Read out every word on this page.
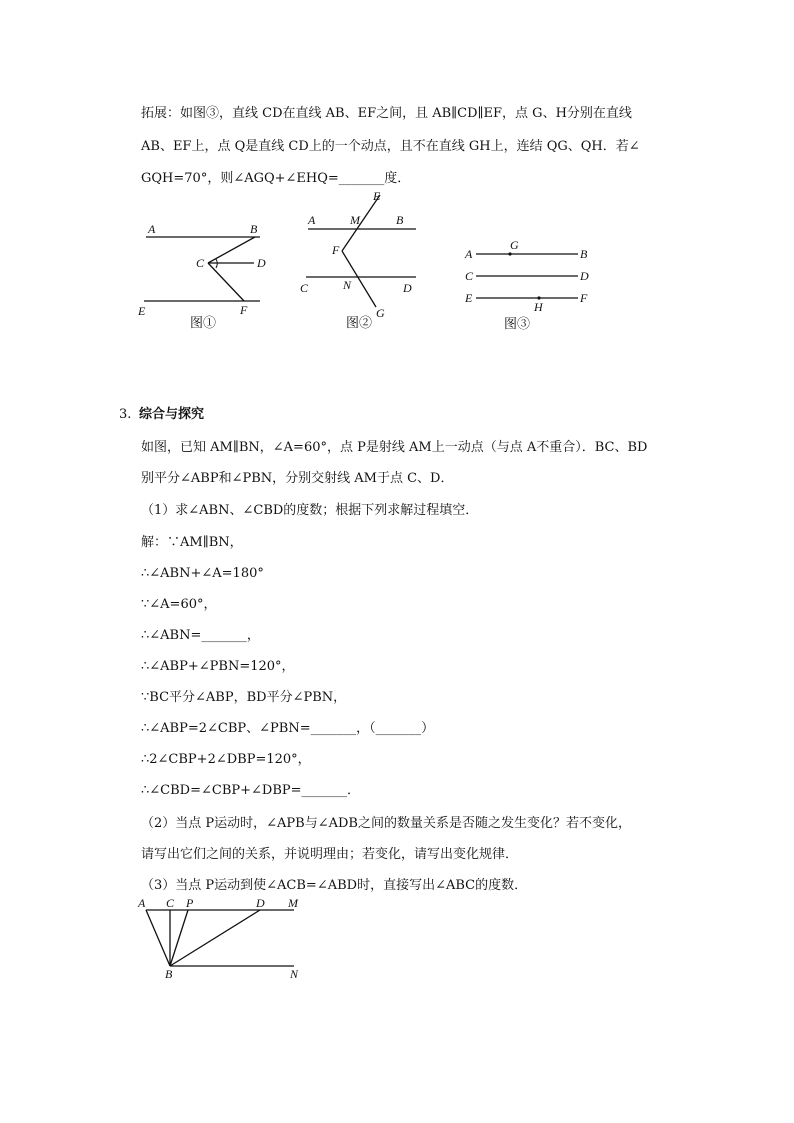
拓展：如图③，直线 CD在直线 AB、EF之间，且 AB∥CD∥EF，点 G、H分别在直线
AB、EF上，点 Q是直线 CD上的一个动点，且不在直线 GH上，连结 QG、QH．若∠
GQH=70°，则∠AGQ+∠EHQ=_______度．
A	B
C	D
E	F
图①
A	M	B
E
F
C	N	D
G
图②
A
G
B
C	D
E
H
F
图③
3. 综合与探究
如图，已知 AM∥BN，∠A=60°，点 P是射线 AM上一动点（与点 A不重合）．BC、BD
别平分∠ABP和∠PBN，分别交射线 AM于点 C、D．
（1）求∠ABN、∠CBD的度数；根据下列求解过程填空．
解：∵AM∥BN，
∴∠ABN+∠A=180°
∵∠A=60°，
∴∠ABN=_______，
∴∠ABP+∠PBN=120°，
∵BC平分∠ABP，BD平分∠PBN，
∴∠ABP=2∠CBP、∠PBN=_______，（_______）
∴2∠CBP+2∠DBP=120°，
∴∠CBD=∠CBP+∠DBP=_______．
（2）当点 P运动时，∠APB与∠ADB之间的数量关系是否随之发生变化？若不变化，
请写出它们之间的关系，并说明理由；若变化，请写出变化规律．
（3）当点 P运动到使∠ACB=∠ABD时，直接写出∠ABC的度数．
A C P	D M
B	N
